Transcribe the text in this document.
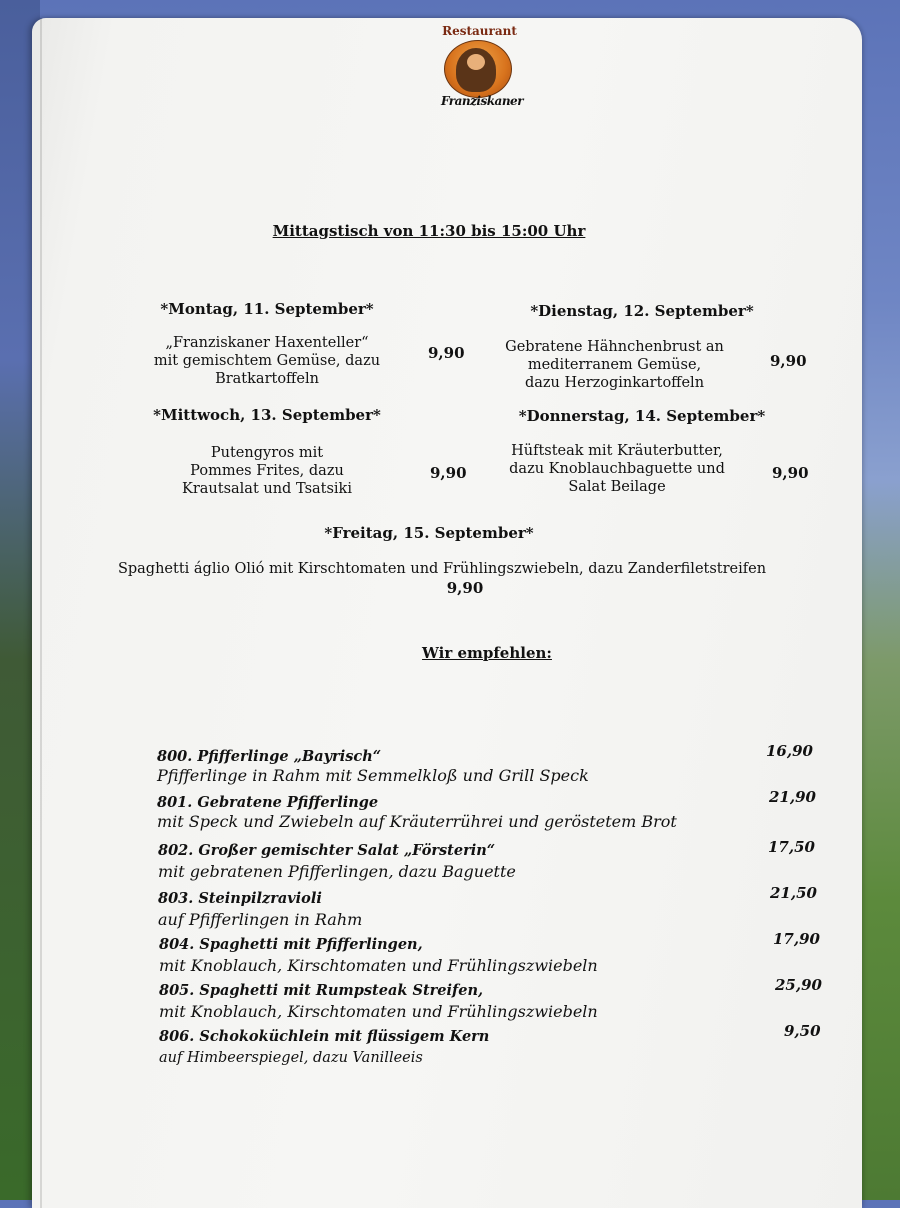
Restaurant
Franziskaner
Mittagstisch von 11:30 bis 15:00 Uhr
*Montag, 11. September*
„Franziskaner Haxenteller“
mit gemischtem Gemüse, dazu
Bratkartoffeln
9,90
*Dienstag, 12. September*
Gebratene Hähnchenbrust an
mediterranem Gemüse,
dazu Herzoginkartoffeln
9,90
*Mittwoch, 13. September*
Putengyros mit
Pommes Frites, dazu
Krautsalat und Tsatsiki
9,90
*Donnerstag, 14. September*
Hüftsteak mit Kräuterbutter,
dazu Knoblauchbaguette und
Salat Beilage
9,90
*Freitag, 15. September*
Spaghetti áglio Olió mit Kirschtomaten und Frühlingszwiebeln, dazu Zanderfiletstreifen
9,90
Wir empfehlen:
800. Pfifferlinge „Bayrisch“
Pfifferlinge in Rahm mit Semmelkloß und Grill Speck
16,90
801. Gebratene Pfifferlinge
mit Speck und Zwiebeln auf Kräuterrührei und geröstetem Brot
21,90
802. Großer gemischter Salat „Försterin“
mit gebratenen Pfifferlingen, dazu Baguette
17,50
803. Steinpilzravioli
auf Pfifferlingen in Rahm
21,50
804. Spaghetti mit Pfifferlingen,
mit Knoblauch, Kirschtomaten und Frühlingszwiebeln
17,90
805. Spaghetti mit Rumpsteak Streifen,
mit Knoblauch, Kirschtomaten und Frühlingszwiebeln
25,90
806. Schokoküchlein mit flüssigem Kern
auf Himbeerspiegel, dazu Vanilleeis
9,50
